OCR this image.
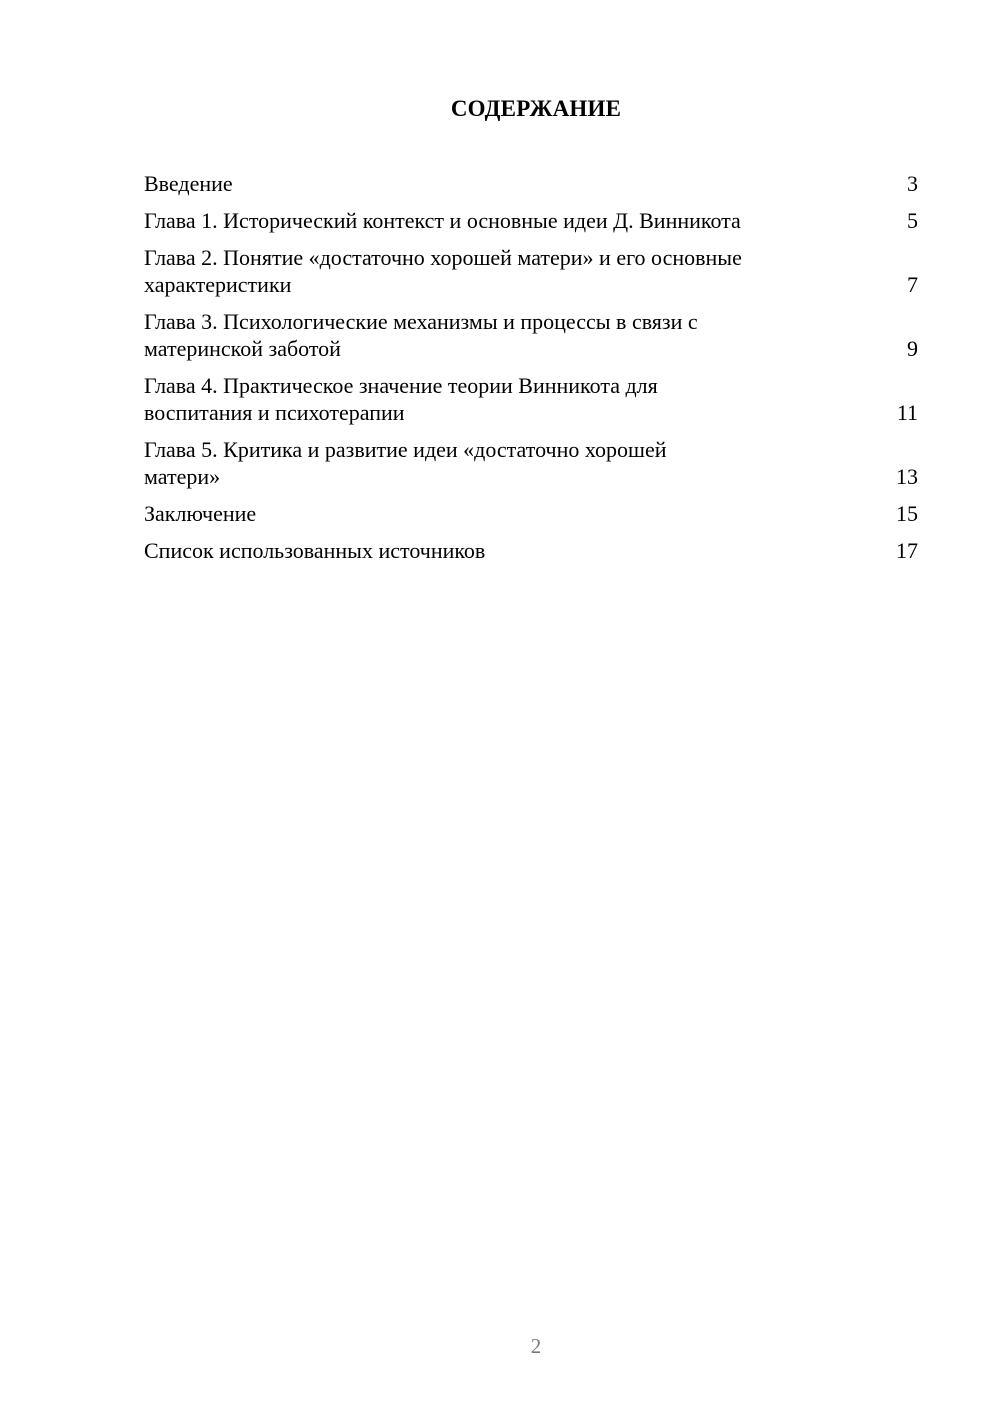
СОДЕРЖАНИЕ
Введение	3
Глава 1. Исторический контекст и основные идеи Д. Винникота	5
Глава 2. Понятие «достаточно хорошей матери» и его основные
характеристики	7
Глава 3. Психологические механизмы и процессы в связи с
материнской заботой	9
Глава 4. Практическое значение теории Винникота для
воспитания и психотерапии	11
Глава 5. Критика и развитие идеи «достаточно хорошей
матери»	13
Заключение	15
Список использованных источников	17
2
